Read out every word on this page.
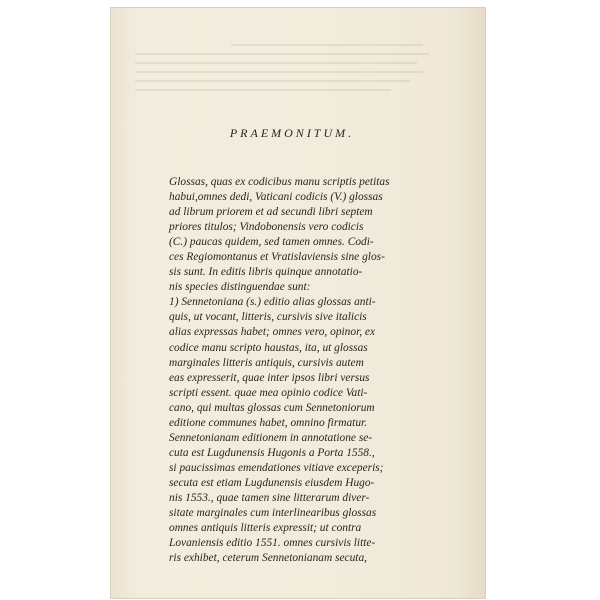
PRAEMONITUM.
Glossas, quas ex codicibus manu scriptis petitas
habui,omnes dedi, Vaticani codicis (V.) glossas
ad librum priorem et ad secundi libri septem
priores titulos; Vindobonensis vero codicis
(C.) paucas quidem, sed tamen omnes. Codi-
ces Regiomontanus et Vratislaviensis sine glos-
sis sunt. In editis libris quinque annotatio-
nis species distinguendae sunt:
1) Sennetoniana (s.) editio alias glossas anti-
quis, ut vocant, litteris, cursivis sive italicis
alias expressas habet; omnes vero, opinor, ex
codice manu scripto haustas, ita, ut glossas
marginales litteris antiquis, cursivis autem
eas expresserit, quae inter ipsos libri versus
scripti essent. quae mea opinio codice Vati-
cano, qui multas glossas cum Sennetoniorum
editione communes habet, omnino firmatur.
Sennetonianam editionem in annotatione se-
cuta est Lugdunensis Hugonis a Porta 1558.,
si paucissimas emendationes vitiave exceperis;
secuta est etiam Lugdunensis eiusdem Hugo-
nis 1553., quae tamen sine litterarum diver-
sitate marginales cum interlinearibus glossas
omnes antiquis litteris expressit; ut contra
Lovaniensis editio 1551. omnes cursivis litte-
ris exhibet, ceterum Sennetonianam secuta,
